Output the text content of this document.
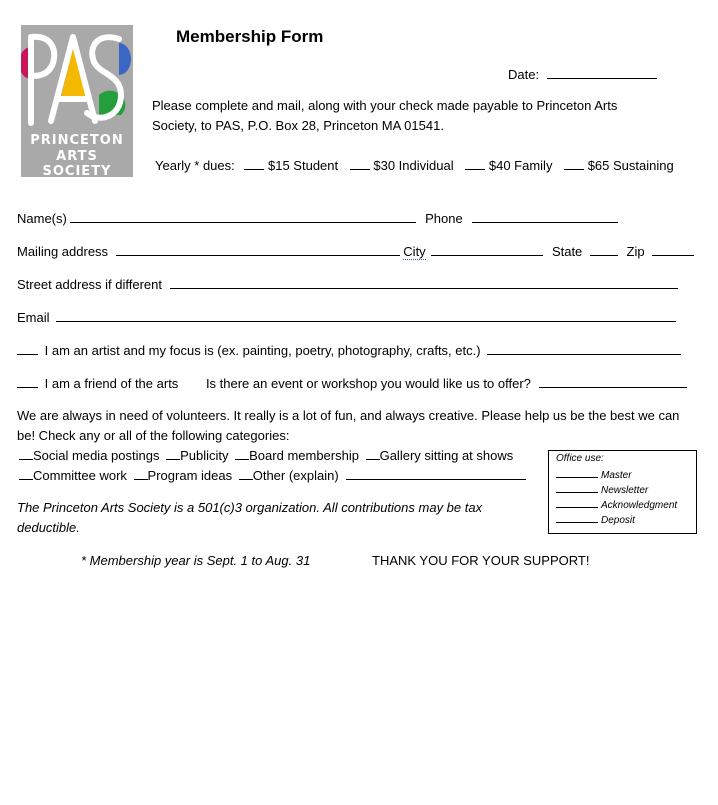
PRINCETON
ARTS SOCIETY
Membership Form
Date:
Please complete and mail, along with your check made payable to Princeton Arts
Society, to PAS, P.O. Box 28, Princeton MA 01541.
Yearly * dues:	$15 Student	$30 Individual	$40 Family	$65 Sustaining
Name(s)	Phone
Mailing address	City	State	Zip
Street address if different
Email
I am an artist and my focus is (ex. painting, poetry, photography, crafts, etc.)
I am a friend of the arts Is there an event or workshop you would like us to offer?
We are always in need of volunteers. It really is a lot of fun, and always creative. Please help us be the best we can
be! Check any or all of the following categories:
Social media postings Publicity Board membership Gallery sitting at shows
Committee work Program ideas Other (explain)
The Princeton Arts Society is a 501(c)3 organization. All contributions may be tax
deductible.
Office use:
Master
Newsletter
Acknowledgment
Deposit
* Membership year is Sept. 1 to Aug. 31	THANK YOU FOR YOUR SUPPORT!
